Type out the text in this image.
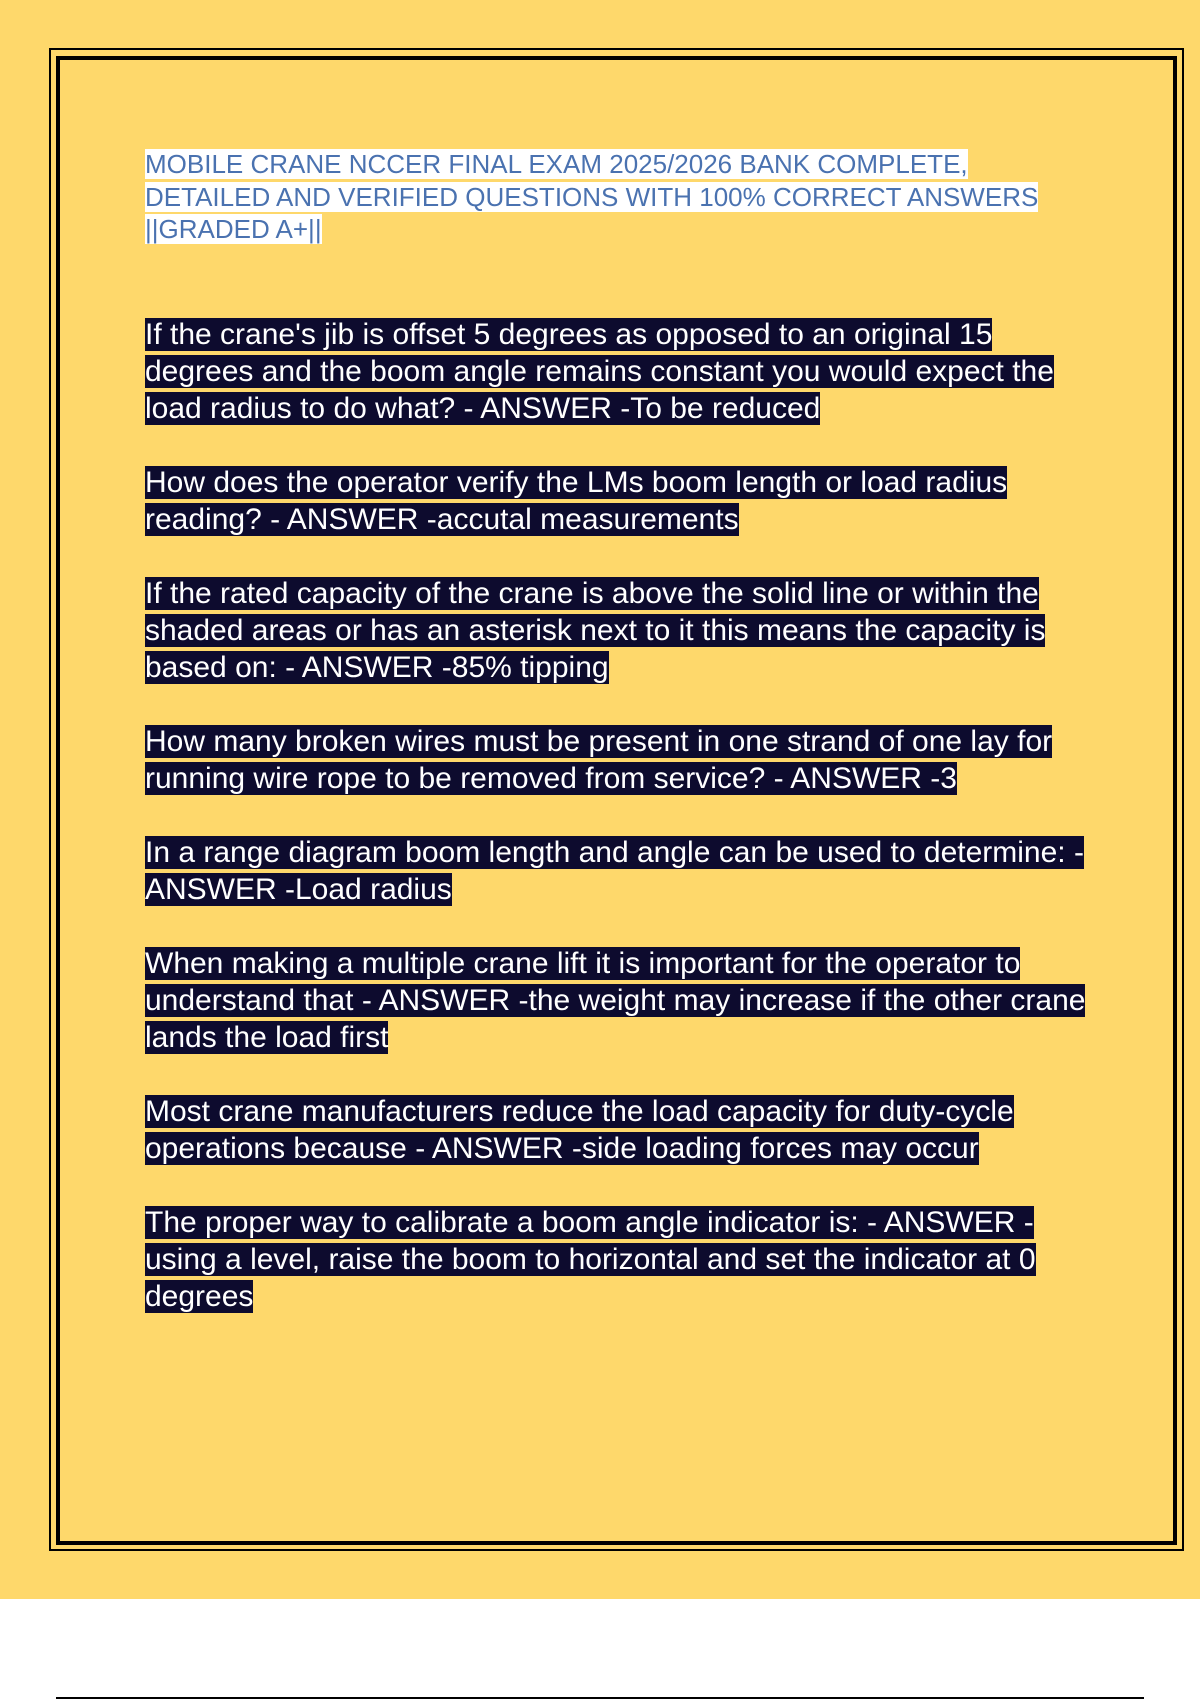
MOBILE CRANE NCCER FINAL EXAM 2025/2026 BANK COMPLETE, DETAILED AND VERIFIED QUESTIONS WITH 100% CORRECT ANSWERS ||GRADED A+||

If the crane's jib is offset 5 degrees as opposed to an original 15 degrees and the boom angle remains constant you would expect the load radius to do what? - ANSWER -To be reduced

How does the operator verify the LMs boom length or load radius reading? - ANSWER -accutal measurements

If the rated capacity of the crane is above the solid line or within the shaded areas or has an asterisk next to it this means the capacity is based on: - ANSWER -85% tipping

How many broken wires must be present in one strand of one lay for running wire rope to be removed from service? - ANSWER -3

In a range diagram boom length and angle can be used to determine: - ANSWER -Load radius

When making a multiple crane lift it is important for the operator to understand that - ANSWER -the weight may increase if the other crane lands the load first

Most crane manufacturers reduce the load capacity for duty-cycle operations because - ANSWER -side loading forces may occur

The proper way to calibrate a boom angle indicator is: - ANSWER -using a level, raise the boom to horizontal and set the indicator at 0 degrees
